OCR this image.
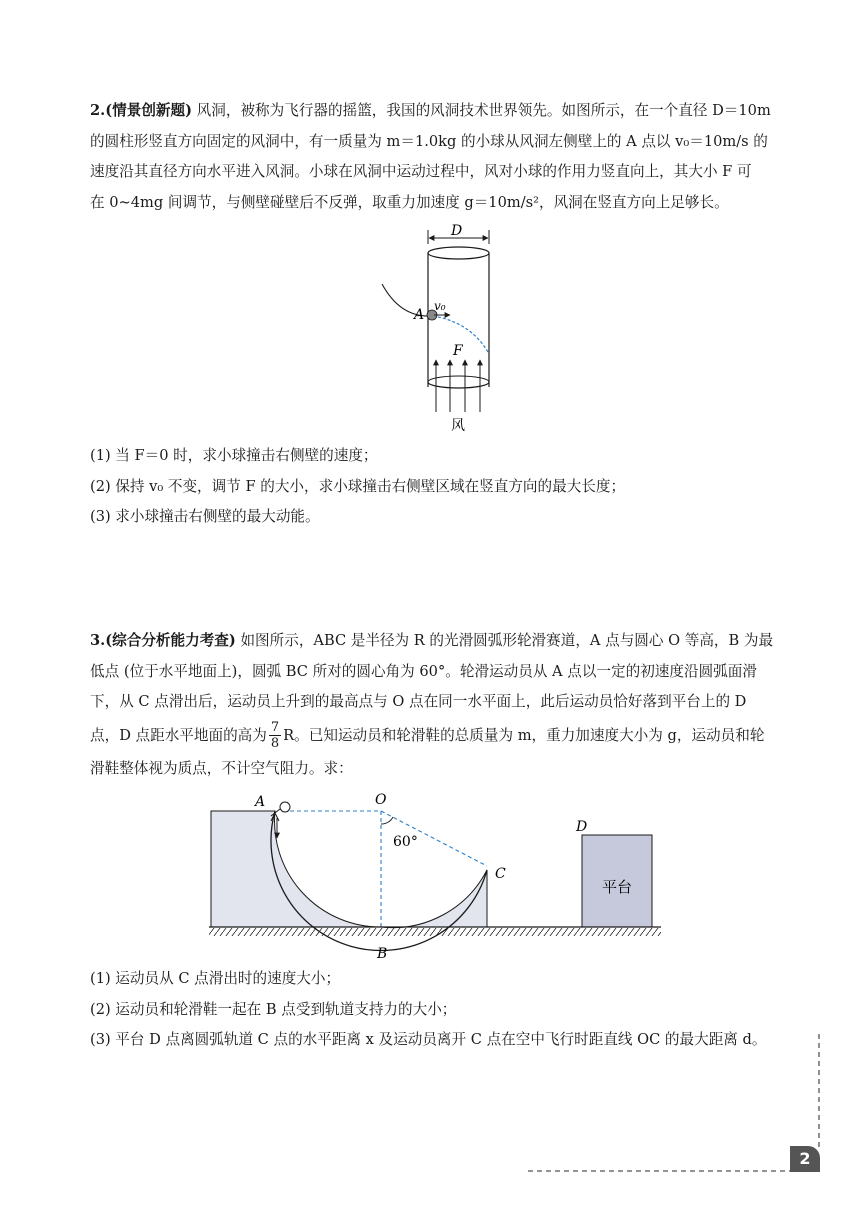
2.(情景创新题) 风洞，被称为飞行器的摇篮，我国的风洞技术世界领先。如图所示，在一个直径 D＝10m
的圆柱形竖直方向固定的风洞中，有一质量为 m＝1.0kg 的小球从风洞左侧壁上的 A 点以 v₀＝10m/s 的
速度沿其直径方向水平进入风洞。小球在风洞中运动过程中，风对小球的作用力竖直向上，其大小 F 可
在 0~4mg 间调节，与侧壁碰壁后不反弹，取重力加速度 g＝10m/s²，风洞在竖直方向上足够长。
D
A
v₀
F
风
(1) 当 F＝0 时，求小球撞击右侧壁的速度；
(2) 保持 v₀ 不变，调节 F 的大小，求小球撞击右侧壁区域在竖直方向的最大长度；
(3) 求小球撞击右侧壁的最大动能。
3.(综合分析能力考查) 如图所示，ABC 是半径为 R 的光滑圆弧形轮滑赛道，A 点与圆心 O 等高，B 为最
低点 (位于水平地面上)，圆弧 BC 所对的圆心角为 60°。轮滑运动员从 A 点以一定的初速度沿圆弧面滑
下，从 C 点滑出后，运动员上升到的最高点与 O 点在同一水平面上，此后运动员恰好落到平台上的 D
点，D 点距水平地面的高为 $\frac{7}{8}$ R。已知运动员和轮滑鞋的总质量为 m，重力加速度大小为 g，运动员和轮
滑鞋整体视为质点，不计空气阻力。求：
60°
A	O
C
B
D
平台
(1) 运动员从 C 点滑出时的速度大小；
(2) 运动员和轮滑鞋一起在 B 点受到轨道支持力的大小；
(3) 平台 D 点离圆弧轨道 C 点的水平距离 x 及运动员离开 C 点在空中飞行时距直线 OC 的最大距离 d。
2
